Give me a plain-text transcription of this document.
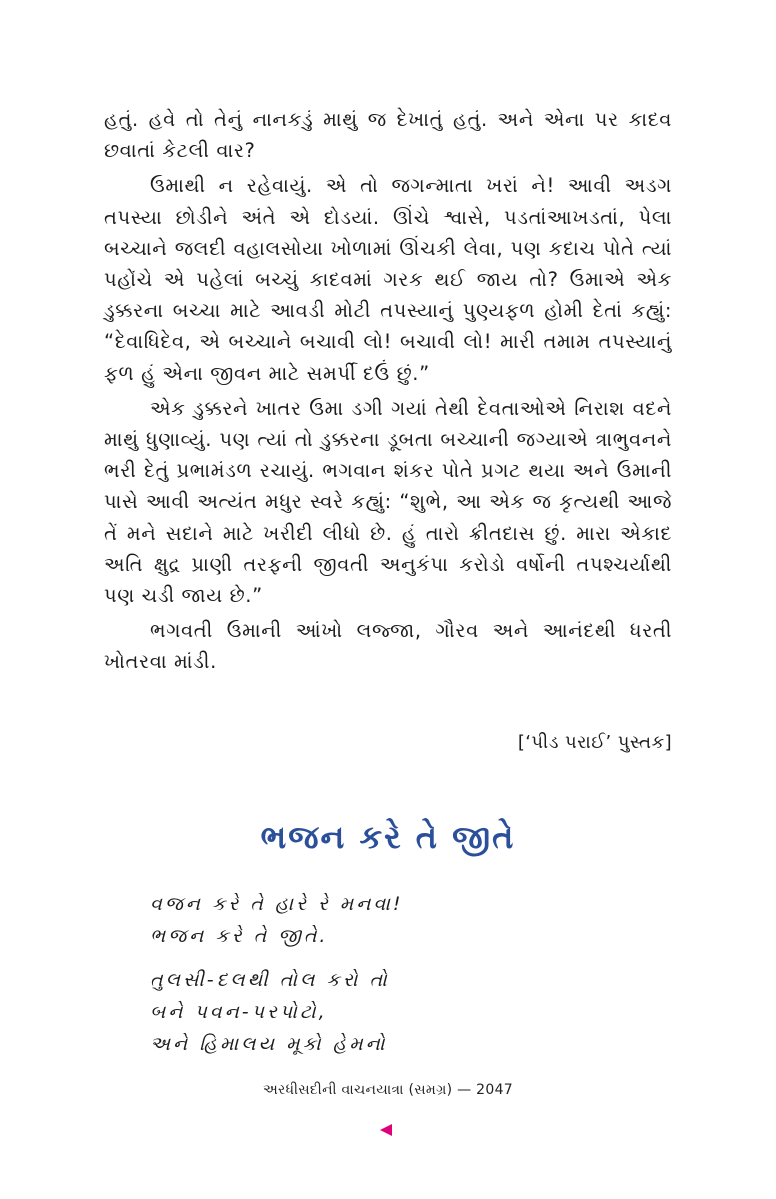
હતું. હવે તો તેનું નાનકડું માથું જ દેખાતું હતું. અને એના પર કાદવ છવાતાં કેટલી વાર?

ઉમાથી ન રહેવાયું. એ તો જગન્માતા ખરાં ને! આવી અડગ તપસ્યા છોડીને અંતે એ દોડયાં. ઊંચે શ્વાસે, પડતાંઆખડતાં, પેલા બચ્ચાને જલદી વહાલસોયા ખોળામાં ઊંચકી લેવા, પણ કદાચ પોતે ત્યાં પહોંચે એ પહેલાં બચ્ચું કાદવમાં ગરક થઈ જાય તો? ઉમાએ એક ડુક્કરના બચ્ચા માટે આવડી મોટી તપસ્યાનું પુણ્યફળ હોમી દેતાં કહ્યું: “દેવાધિદેવ, એ બચ્ચાને બચાવી લો! બચાવી લો! મારી તમામ તપસ્યાનું ફળ હું એના જીવન માટે સમર્પી દઉં છું.”

એક ડુક્કરને ખાતર ઉમા ડગી ગયાં તેથી દેવતાઓએ નિરાશ વદને માથું ધુણાવ્યું. પણ ત્યાં તો ડુક્કરના ડૂબતા બચ્ચાની જગ્યાએ ત્રાભુવનને ભરી દેતું પ્રભામંડળ રચાયું. ભગવાન શંકર પોતે પ્રગટ થયા અને ઉમાની પાસે આવી અત્યંત મધુર સ્વરે કહ્યું: “શુભે, આ એક જ કૃત્યથી આજે તેં મને સદાને માટે ખરીદી લીધો છે. હું તારો ક્રીતદાસ છું. મારા એકાદ અતિ ક્ષુદ્ર પ્રાણી તરફની જીવતી અનુકંપા કરોડો વર્ષોની તપશ્ચર્યાથી પણ ચડી જાય છે.”

ભગવતી ઉમાની આંખો લજ્જા, ગૌરવ અને આનંદથી ધરતી ખોતરવા માંડી.

[‘પીડ પરાઈ’ પુસ્તક]
ભજન કરે તે જીતે
વજન કરે તે હારે રે મનવા!
ભજન કરે તે જીતે.
તુલસી-દલથી તોલ કરો તો
બને પવન-પરપોટો,
અને હિમાલય મૂકો હેમનો
અરધીસદીની વાચનયાત્રા (સમગ્ર) — 2047
